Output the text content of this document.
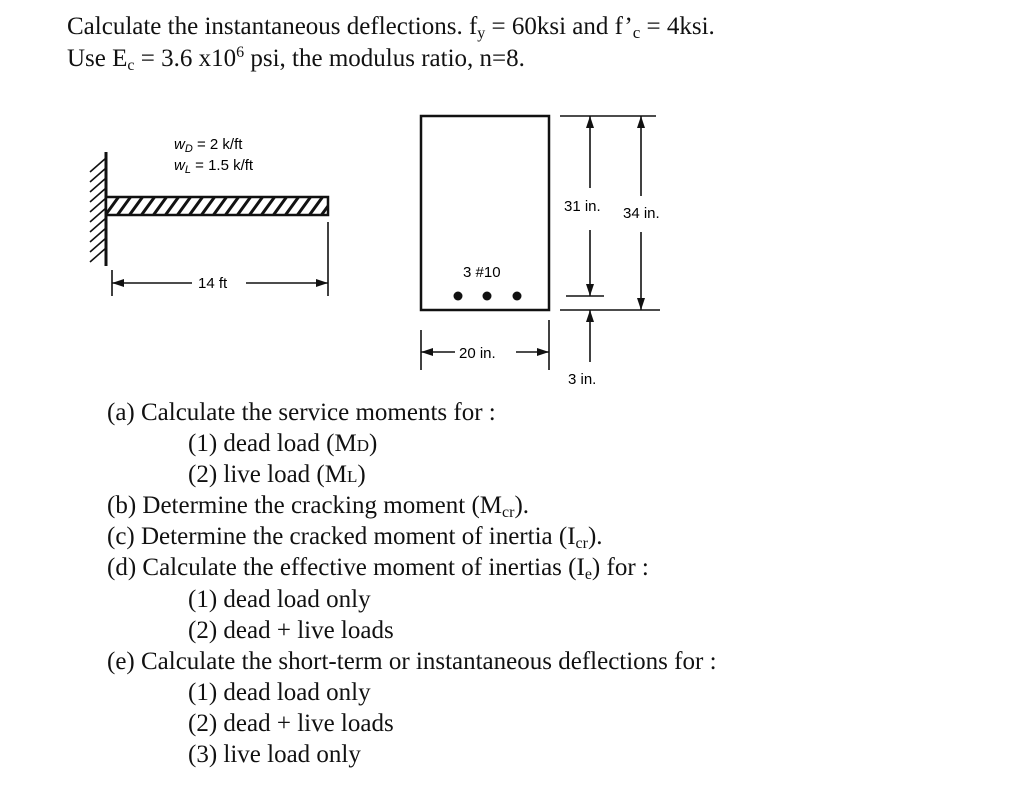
Calculate the instantaneous deflections. $f_y = 60ksi$ and $f’_c = 4ksi$.
Use $E_c = 3.6$ $x10^6$ psi, the modulus ratio, n=8.
$w_D = 2$ k/ft
$w_L = 1.5$ k/ft
14 ft
3 #10
20 in.
31 in. 34 in.
3 in.
(a) Calculate the service moments for :
(1) dead load (MD)
(2) live load (ML)
(b) Determine the cracking moment $(M_{cr})$.
(c) Determine the cracked moment of inertia $(I_{cr})$.
(d) Calculate the effective moment of inertias $(I_e)$ for :
(1) dead load only
(2) dead + live loads
(e) Calculate the short-term or instantaneous deflections for :
(1) dead load only
(2) dead + live loads
(3) live load only
